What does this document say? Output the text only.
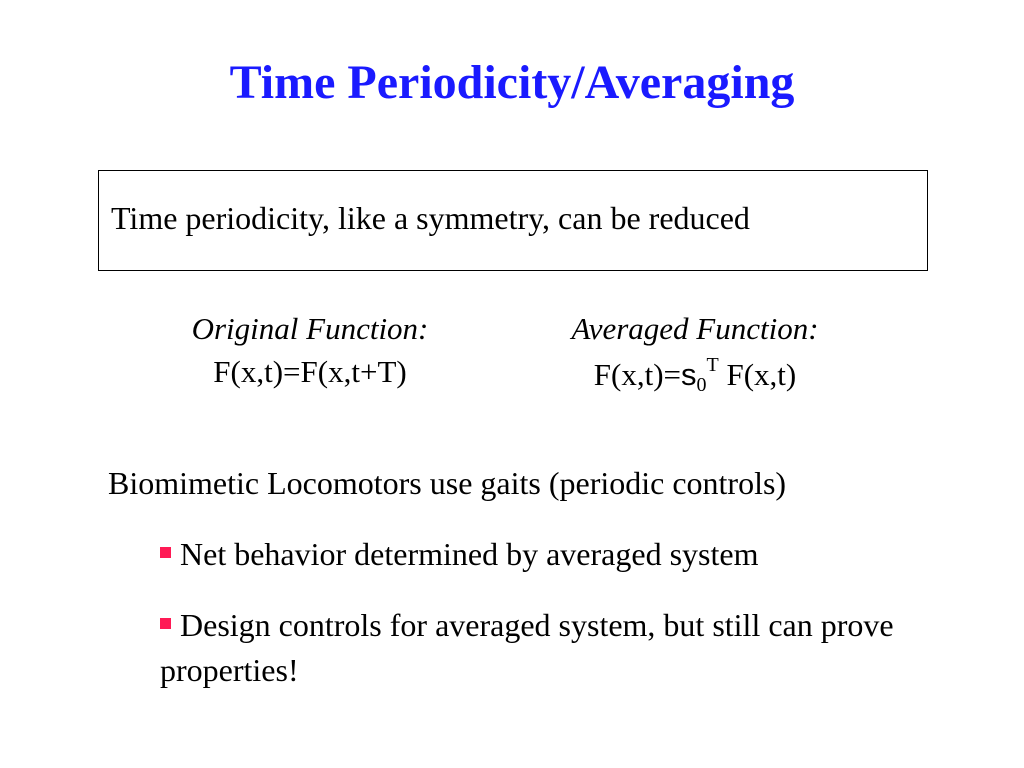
Time Periodicity/Averaging
Time periodicity, like a symmetry, can be reduced
Original Function:
F(x,t)=F(x,t+T)
Averaged Function:
$F(x,t)=s_0^T$ F(x,t)
Biomimetic Locomotors use gaits (periodic controls)
Net behavior determined by averaged system
Design controls for averaged system, but still can prove properties!
